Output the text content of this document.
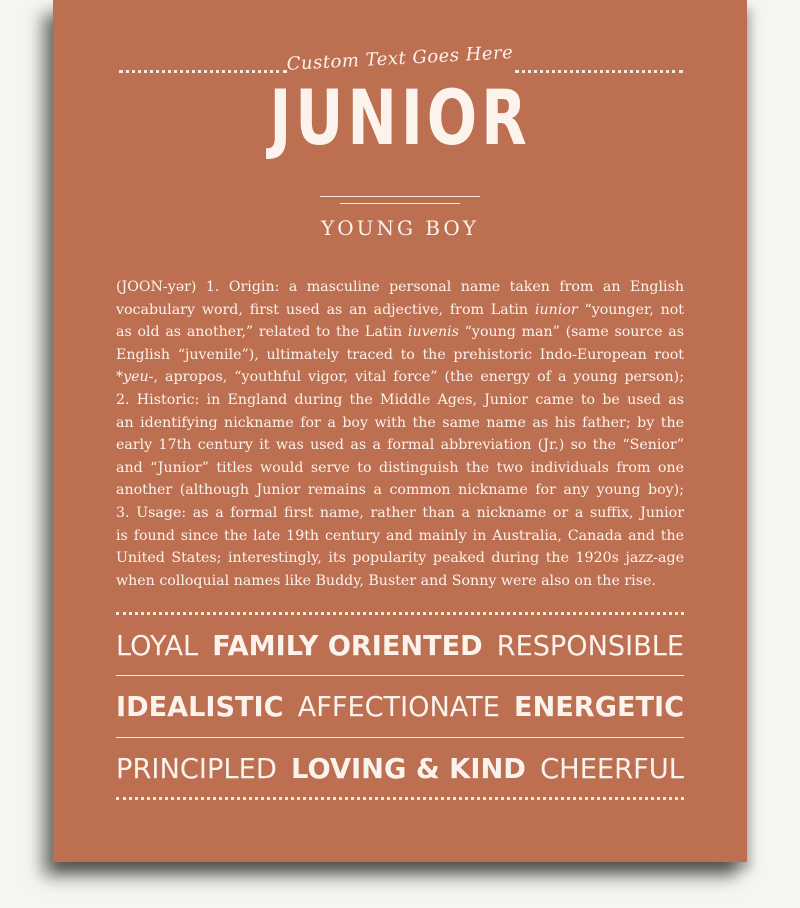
Custom Text Goes Here
JUNIOR
YOUNG BOY
(JOON-yər) 1. Origin: a masculine personal name taken from an English
vocabulary word, first used as an adjective, from Latin iunior “younger, not
as old as another,” related to the Latin iuvenis “young man” (same source as
English “juvenile”), ultimately traced to the prehistoric Indo-European root
*yeu-, apropos, “youthful vigor, vital force” (the energy of a young person);
2. Historic: in England during the Middle Ages, Junior came to be used as
an identifying nickname for a boy with the same name as his father; by the
early 17th century it was used as a formal abbreviation (Jr.) so the “Senior”
and “Junior” titles would serve to distinguish the two individuals from one
another (although Junior remains a common nickname for any young boy);
3. Usage: as a formal first name, rather than a nickname or a suffix, Junior
is found since the late 19th century and mainly in Australia, Canada and the
United States; interestingly, its popularity peaked during the 1920s jazz-age
when colloquial names like Buddy, Buster and Sonny were also on the rise.
LOYAL FAMILY ORIENTED RESPONSIBLE
IDEALISTIC AFFECTIONATE ENERGETIC
PRINCIPLED LOVING & KIND CHEERFUL
